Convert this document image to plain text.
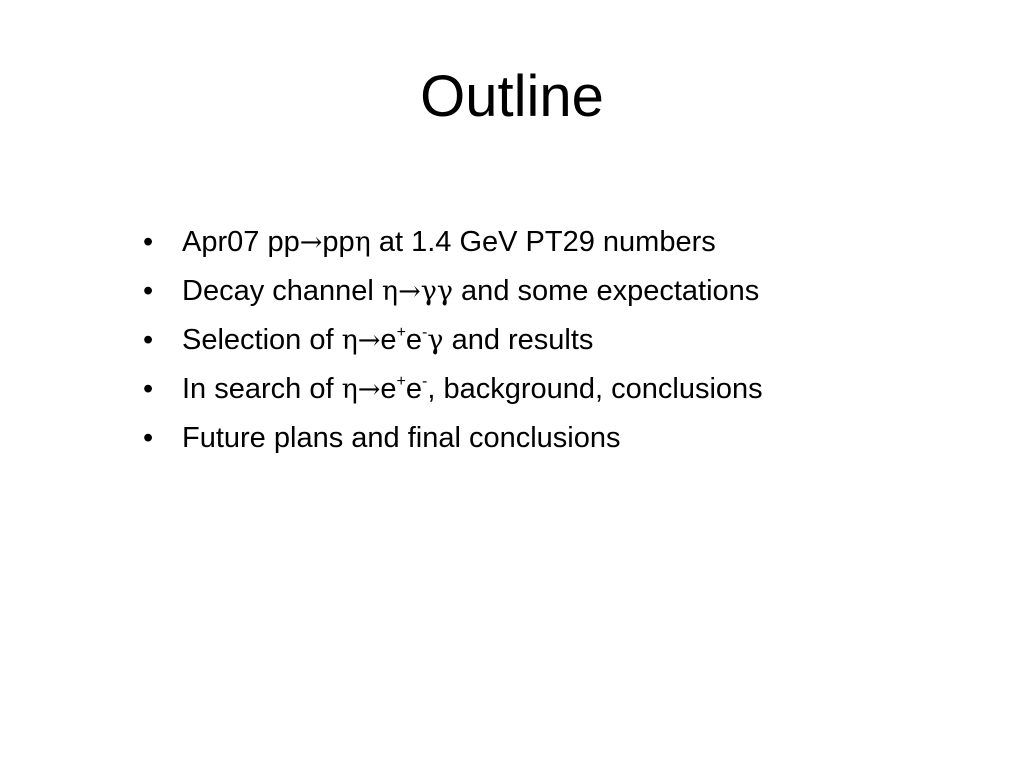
Outline
• Apr07 pp→ppη at 1.4 GeV PT29 numbers
• Decay channel η→γγ and some expectations
• Selection of η→e+e-γ and results
• In search of η→e+e-, background, conclusions
• Future plans and final conclusions
